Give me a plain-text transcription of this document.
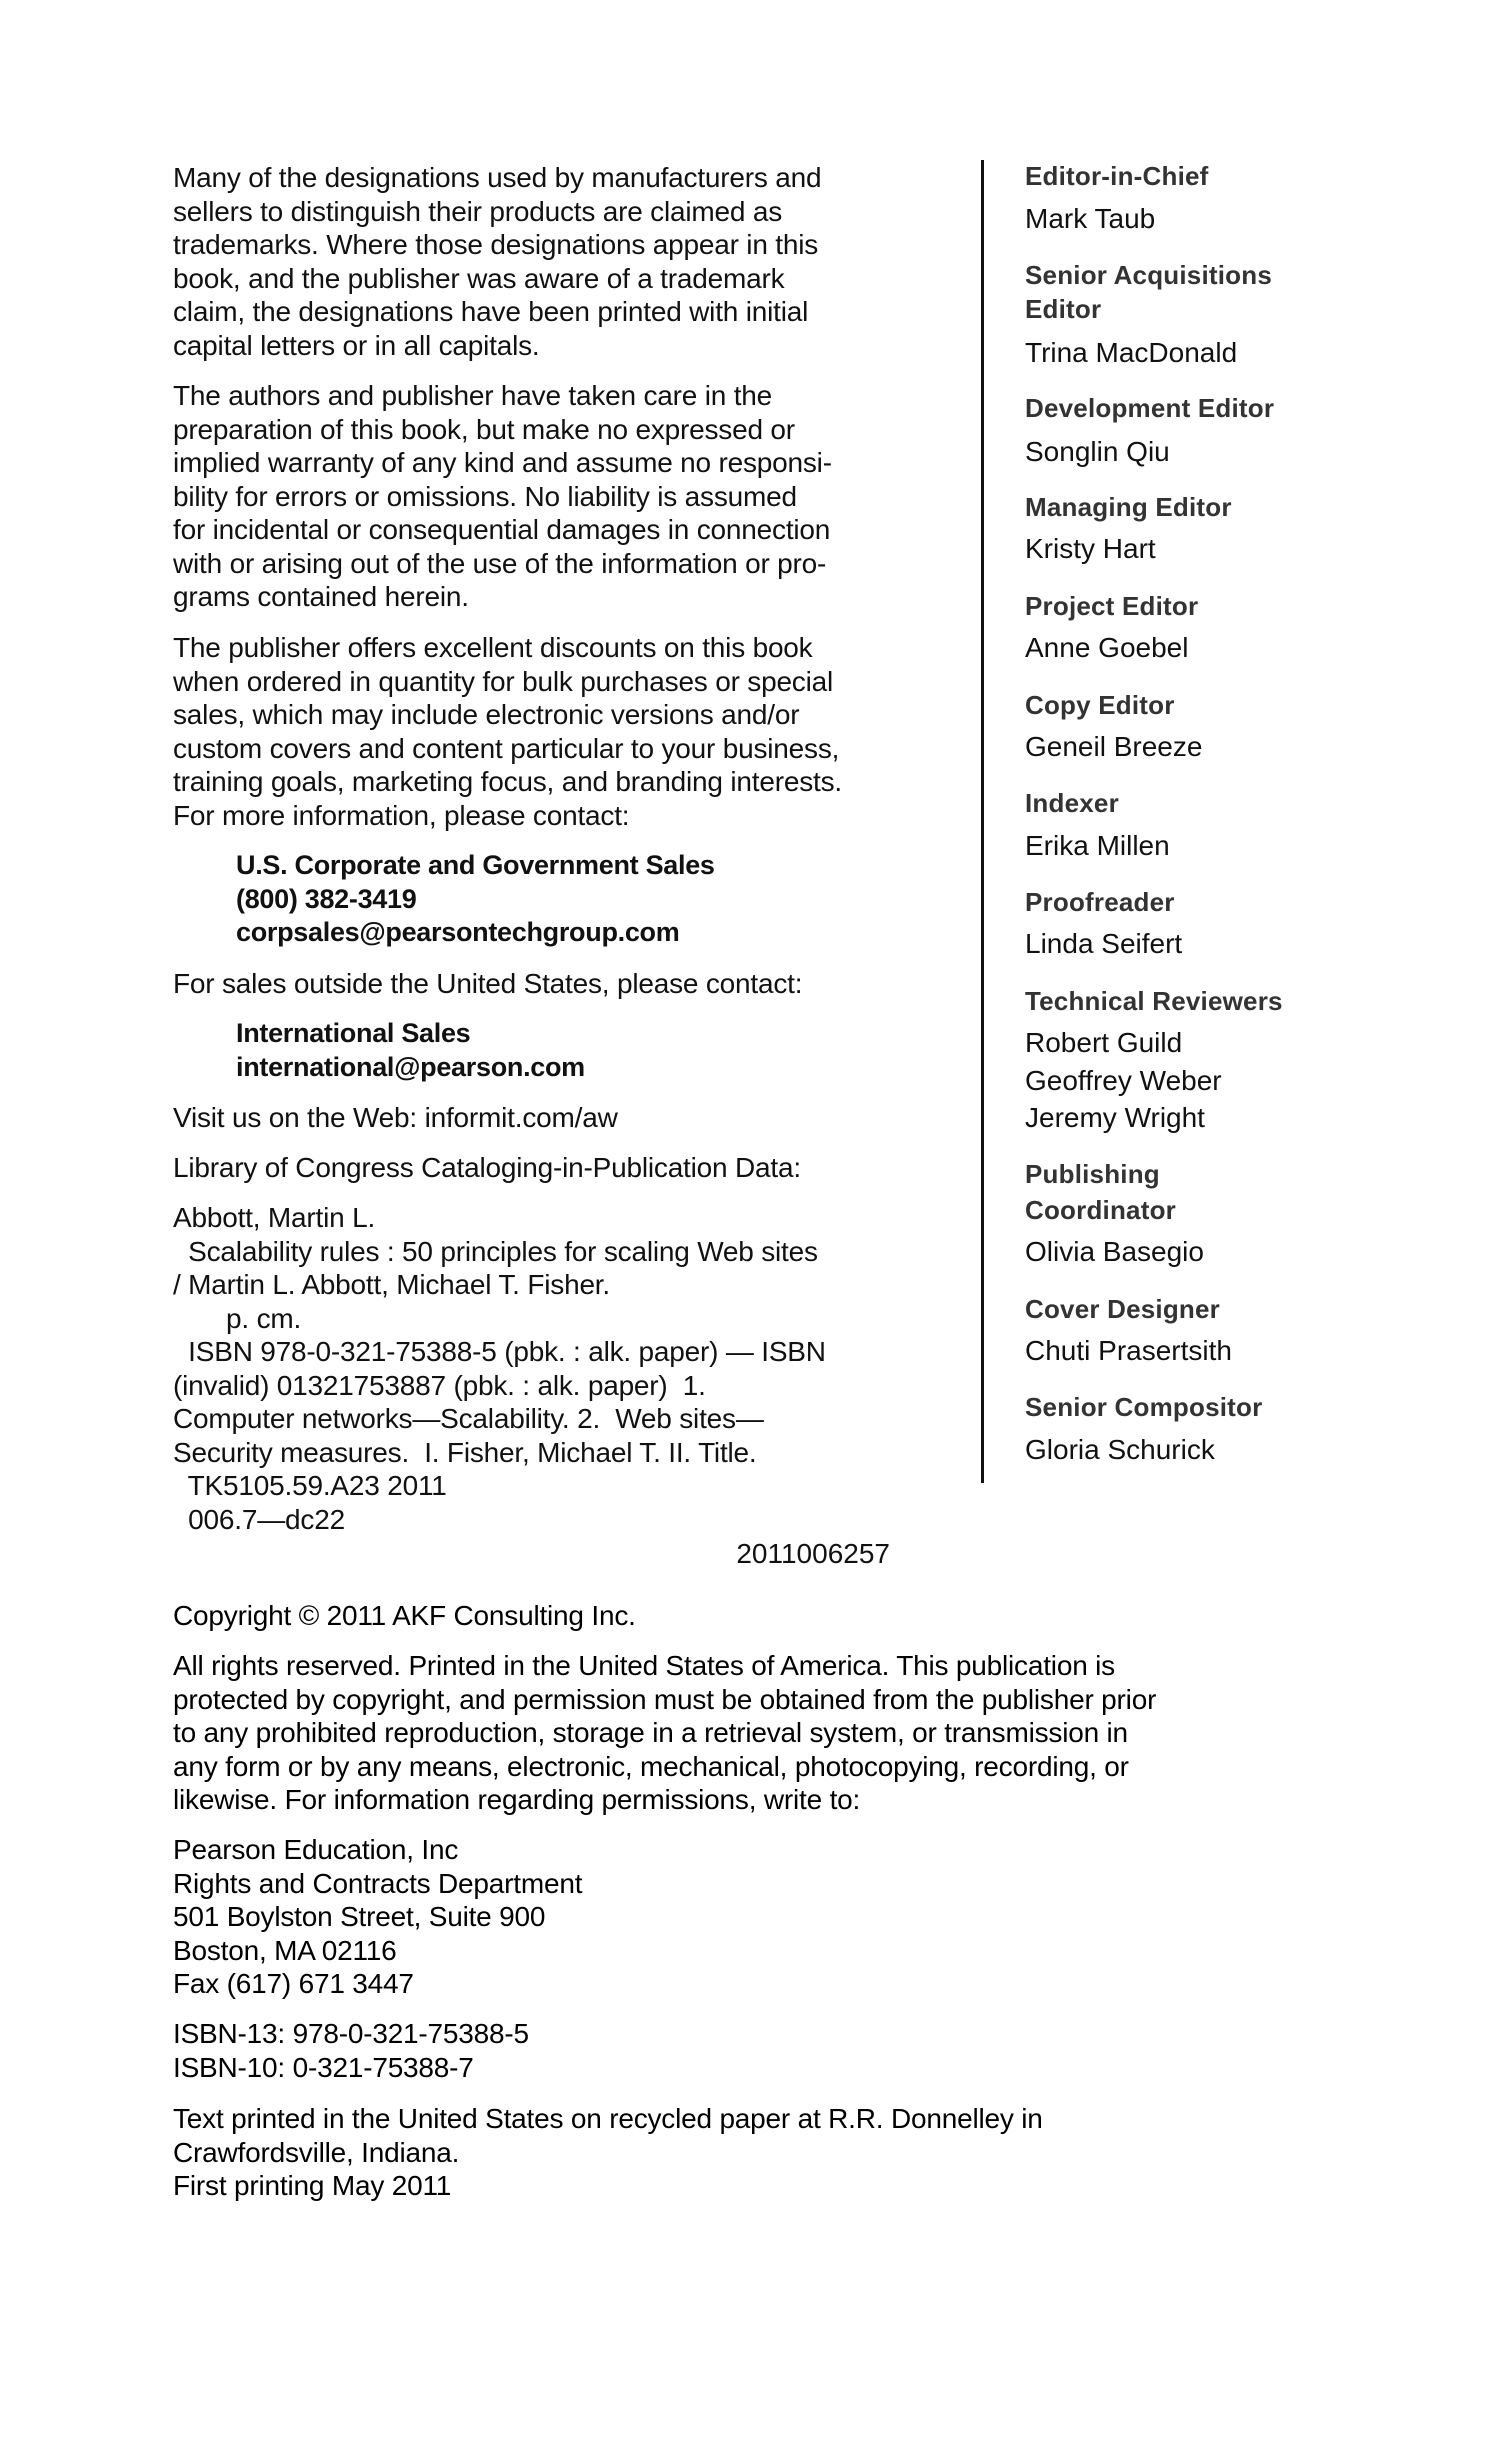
Many of the designations used by manufacturers and
sellers to distinguish their products are claimed as
trademarks. Where those designations appear in this
book, and the publisher was aware of a trademark
claim, the designations have been printed with initial
capital letters or in all capitals.
The authors and publisher have taken care in the
preparation of this book, but make no expressed or
implied warranty of any kind and assume no responsi-
bility for errors or omissions. No liability is assumed
for incidental or consequential damages in connection
with or arising out of the use of the information or pro-
grams contained herein.
The publisher offers excellent discounts on this book
when ordered in quantity for bulk purchases or special
sales, which may include electronic versions and/or
custom covers and content particular to your business,
training goals, marketing focus, and branding interests.
For more information, please contact:
U.S. Corporate and Government Sales
(800) 382-3419
corpsales@pearsontechgroup.com
For sales outside the United States, please contact:
International Sales
international@pearson.com
Visit us on the Web: informit.com/aw
Library of Congress Cataloging-in-Publication Data:
Abbott, Martin L.
Scalability rules : 50 principles for scaling Web sites
/ Martin L. Abbott, Michael T. Fisher.
p. cm.
ISBN 978-0-321-75388-5 (pbk. : alk. paper) — ISBN
(invalid) 01321753887 (pbk. : alk. paper)  1.
Computer networks—Scalability. 2.  Web sites—
Security measures.  I. Fisher, Michael T. II. Title.
TK5105.59.A23 2011
006.7—dc22
2011006257
Copyright © 2011 AKF Consulting Inc.
All rights reserved. Printed in the United States of America. This publication is
protected by copyright, and permission must be obtained from the publisher prior
to any prohibited reproduction, storage in a retrieval system, or transmission in
any form or by any means, electronic, mechanical, photocopying, recording, or
likewise. For information regarding permissions, write to:
Pearson Education, Inc
Rights and Contracts Department
501 Boylston Street, Suite 900
Boston, MA 02116
Fax (617) 671 3447
ISBN-13: 978-0-321-75388-5
ISBN-10: 0-321-75388-7
Text printed in the United States on recycled paper at R.R. Donnelley in
Crawfordsville, Indiana.
First printing May 2011
Editor-in-Chief
Mark Taub
Senior Acquisitions
Editor
Trina MacDonald
Development Editor
Songlin Qiu
Managing Editor
Kristy Hart
Project Editor
Anne Goebel
Copy Editor
Geneil Breeze
Indexer
Erika Millen
Proofreader
Linda Seifert
Technical Reviewers
Robert Guild
Geoffrey Weber
Jeremy Wright
Publishing
Coordinator
Olivia Basegio
Cover Designer
Chuti Prasertsith
Senior Compositor
Gloria Schurick
